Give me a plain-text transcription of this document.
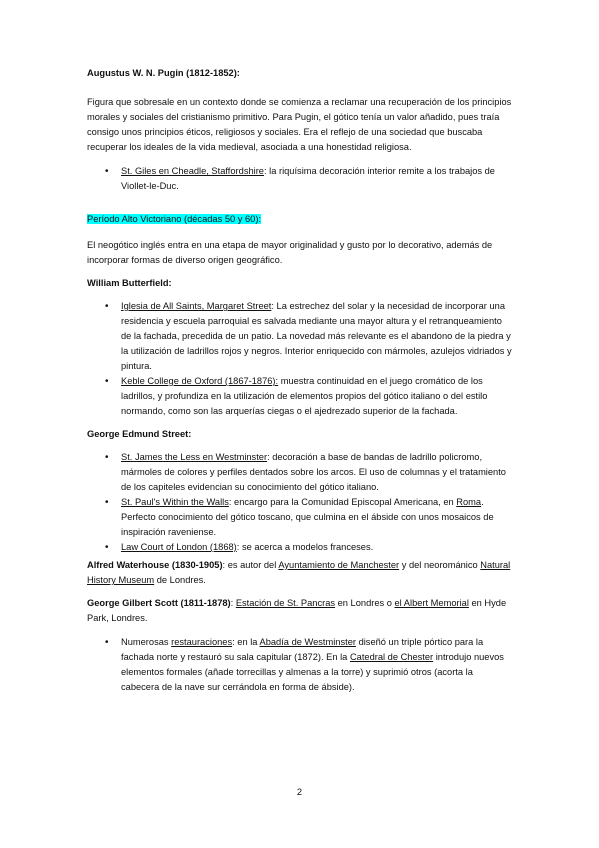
Augustus W. N. Pugin (1812-1852):

Figura que sobresale en un contexto donde se comienza a reclamar una recuperación de los principios morales y sociales del cristianismo primitivo. Para Pugin, el gótico tenía un valor añadido, pues traía consigo unos principios éticos, religiosos y sociales. Era el reflejo de una sociedad que buscaba recuperar los ideales de la vida medieval, asociada a una honestidad religiosa.

• St. Giles en Cheadle, Staffordshire: la riquísima decoración interior remite a los trabajos de Viollet-le-Duc.

Período Alto Victoriano (décadas 50 y 60):

El neogótico inglés entra en una etapa de mayor originalidad y gusto por lo decorativo, además de incorporar formas de diverso origen geográfico.

William Butterfield:

• Iglesia de All Saints, Margaret Street: La estrechez del solar y la necesidad de incorporar una residencia y escuela parroquial es salvada mediante una mayor altura y el retranqueamiento de la fachada, precedida de un patio. La novedad más relevante es el abandono de la piedra y la utilización de ladrillos rojos y negros. Interior enriquecido con mármoles, azulejos vidriados y pintura.
• Keble College de Oxford (1867-1876): muestra continuidad en el juego cromático de los ladrillos, y profundiza en la utilización de elementos propios del gótico italiano o del estilo normando, como son las arquerías ciegas o el ajedrezado superior de la fachada.

George Edmund Street:

• St. James the Less en Westminster: decoración a base de bandas de ladrillo policromo, mármoles de colores y perfiles dentados sobre los arcos. El uso de columnas y el tratamiento de los capiteles evidencian su conocimiento del gótico italiano.
• St. Paul's Within the Walls: encargo para la Comunidad Episcopal Americana, en Roma. Perfecto conocimiento del gótico toscano, que culmina en el ábside con unos mosaicos de inspiración raveniense.
• Law Court of London (1868): se acerca a modelos franceses.

Alfred Waterhouse (1830-1905): es autor del Ayuntamiento de Manchester y del neorománico Natural History Museum de Londres.

George Gilbert Scott (1811-1878): Estación de St. Pancras en Londres o el Albert Memorial en Hyde Park, Londres.

• Numerosas restauraciones: en la Abadía de Westminster diseñó un triple pórtico para la fachada norte y restauró su sala capitular (1872). En la Catedral de Chester introdujo nuevos elementos formales (añade torrecillas y almenas a la torre) y suprimió otros (acorta la cabecera de la nave sur cerrándola en forma de ábside).
2
